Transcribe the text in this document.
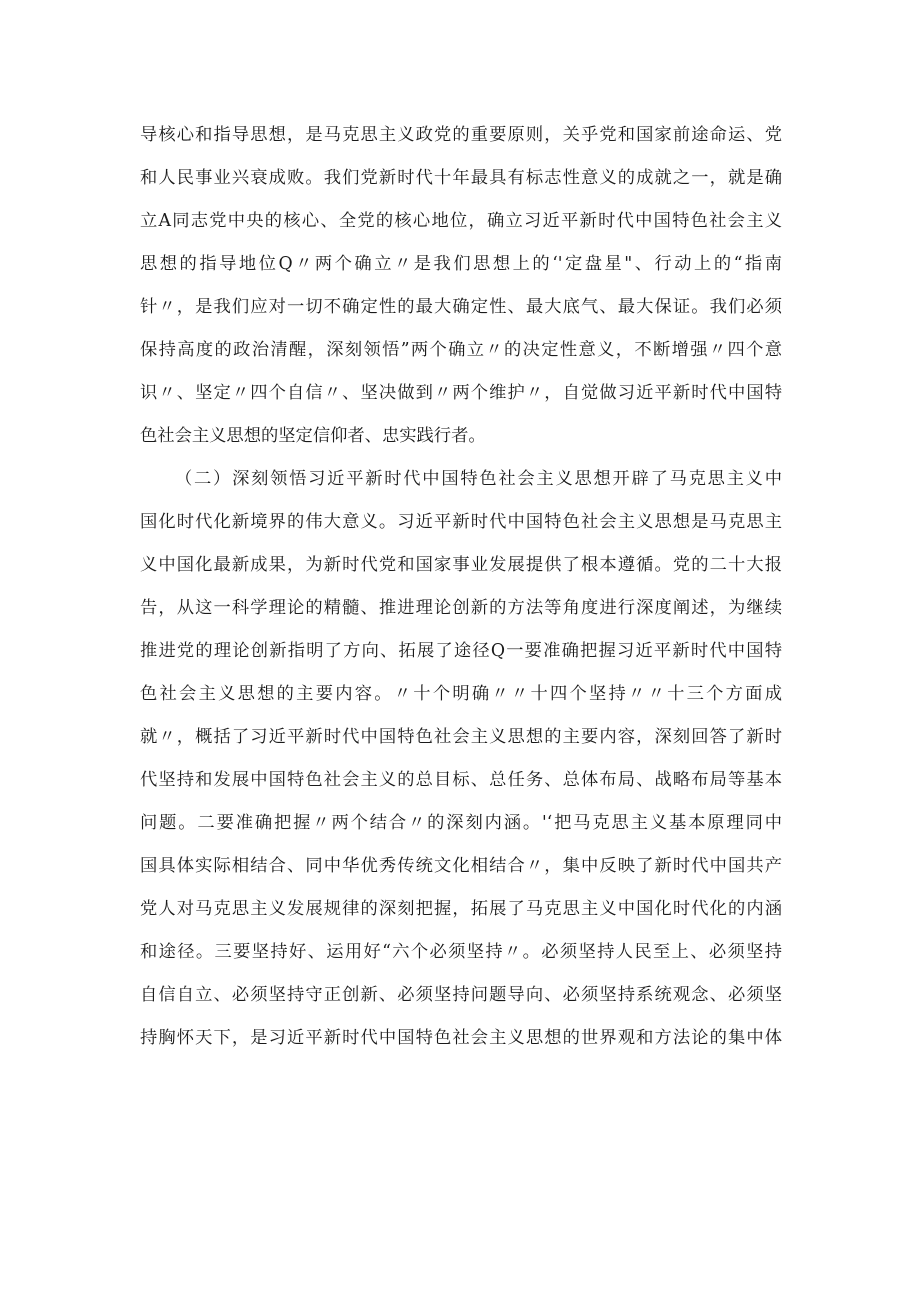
导核心和指导思想，是马克思主义政党的重要原则，关乎党和国家前途命运、党
和人民事业兴衰成败。我们党新时代十年最具有标志性意义的成就之一，就是确
立A同志党中央的核心、全党的核心地位，确立习近平新时代中国特色社会主义
思想的指导地位Q〃两个确立〃是我们思想上的‘'定盘星"、行动上的“指南
针〃，是我们应对一切不确定性的最大确定性、最大底气、最大保证。我们必须
保持高度的政治清醒，深刻领悟”两个确立〃的决定性意义，不断增强〃四个意
识〃、坚定〃四个自信〃、坚决做到〃两个维护〃，自觉做习近平新时代中国特
色社会主义思想的坚定信仰者、忠实践行者。
（二）深刻领悟习近平新时代中国特色社会主义思想开辟了马克思主义中
国化时代化新境界的伟大意义。习近平新时代中国特色社会主义思想是马克思主
义中国化最新成果，为新时代党和国家事业发展提供了根本遵循。党的二十大报
告，从这一科学理论的精髓、推进理论创新的方法等角度进行深度阐述，为继续
推进党的理论创新指明了方向、拓展了途径Q一要准确把握习近平新时代中国特
色社会主义思想的主要内容。〃十个明确〃〃十四个坚持〃〃十三个方面成
就〃，概括了习近平新时代中国特色社会主义思想的主要内容，深刻回答了新时
代坚持和发展中国特色社会主义的总目标、总任务、总体布局、战略布局等基本
问题。二要准确把握〃两个结合〃的深刻内涵。'‘把马克思主义基本原理同中
国具体实际相结合、同中华优秀传统文化相结合〃，集中反映了新时代中国共产
党人对马克思主义发展规律的深刻把握，拓展了马克思主义中国化时代化的内涵
和途径。三要坚持好、运用好“六个必须坚持〃。必须坚持人民至上、必须坚持
自信自立、必须坚持守正创新、必须坚持问题导向、必须坚持系统观念、必须坚
持胸怀天下，是习近平新时代中国特色社会主义思想的世界观和方法论的集中体
